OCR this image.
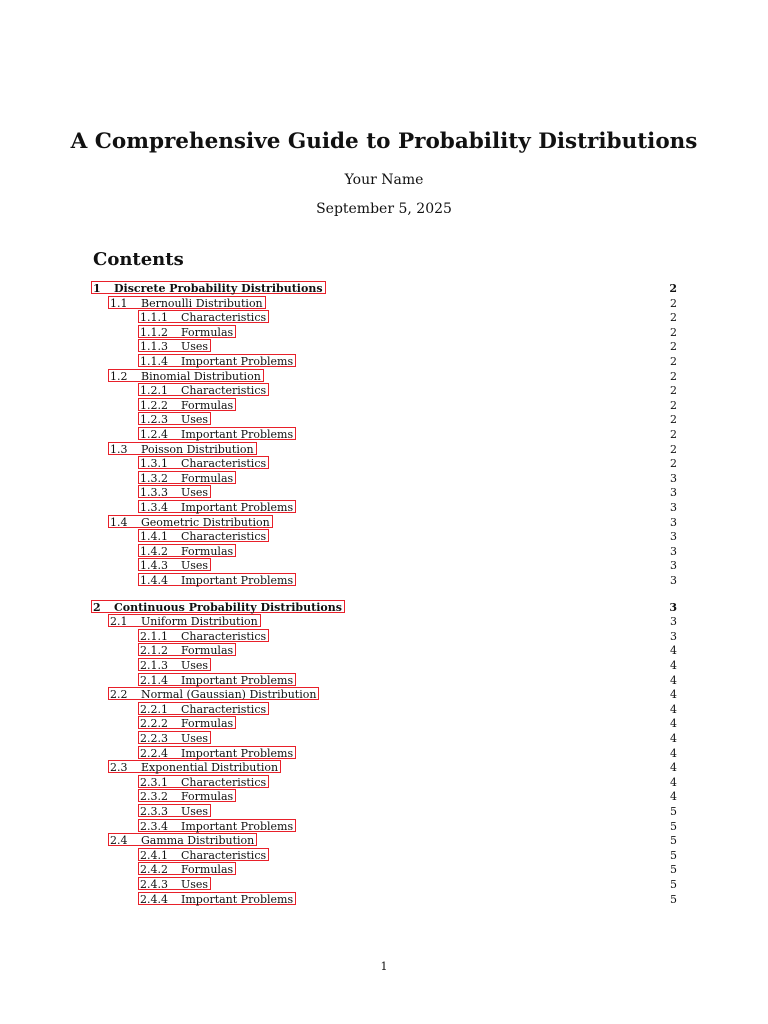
A Comprehensive Guide to Probability Distributions
Your Name
September 5, 2025
Contents
1 Discrete Probability Distributions	2
1.1 Bernoulli Distribution	2
1.1.1 Characteristics	2
1.1.2 Formulas	2
1.1.3 Uses	2
1.1.4 Important Problems	2
1.2 Binomial Distribution	2
1.2.1 Characteristics	2
1.2.2 Formulas	2
1.2.3 Uses	2
1.2.4 Important Problems	2
1.3 Poisson Distribution	2
1.3.1 Characteristics	2
1.3.2 Formulas	3
1.3.3 Uses	3
1.3.4 Important Problems	3
1.4 Geometric Distribution	3
1.4.1 Characteristics	3
1.4.2 Formulas	3
1.4.3 Uses	3
1.4.4 Important Problems	3
2 Continuous Probability Distributions	3
2.1 Uniform Distribution	3
2.1.1 Characteristics	3
2.1.2 Formulas	4
2.1.3 Uses	4
2.1.4 Important Problems	4
2.2 Normal (Gaussian) Distribution	4
2.2.1 Characteristics	4
2.2.2 Formulas	4
2.2.3 Uses	4
2.2.4 Important Problems	4
2.3 Exponential Distribution	4
2.3.1 Characteristics	4
2.3.2 Formulas	4
2.3.3 Uses	5
2.3.4 Important Problems	5
2.4 Gamma Distribution	5
2.4.1 Characteristics	5
2.4.2 Formulas	5
2.4.3 Uses	5
2.4.4 Important Problems	5
1
